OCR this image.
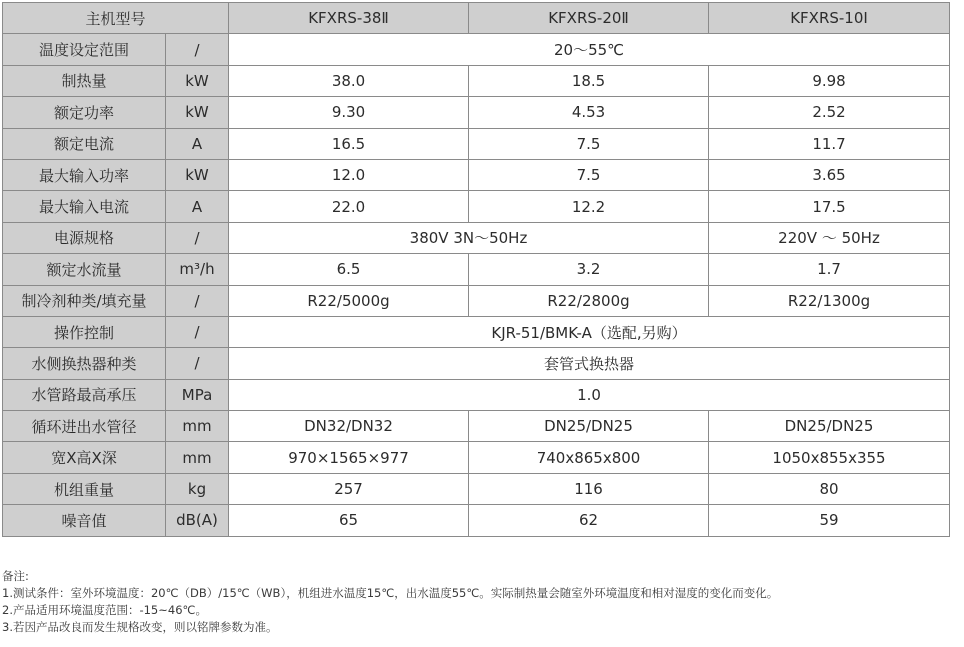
主机型号		KFXRS-38Ⅱ	KFXRS-20Ⅱ	KFXRS-10Ⅰ
温度设定范围	/	20～55℃		
制热量	kW	38.0	18.5	9.98
额定功率	kW	9.30	4.53	2.52
额定电流	A	16.5	7.5	11.7
最大输入功率	kW	12.0	7.5	3.65
最大输入电流	A	22.0	12.2	17.5
电源规格	/	380V 3N～50Hz		220V ～ 50Hz
额定水流量	m³/h	6.5	3.2	1.7
制冷剂种类/填充量	/	R22/5000g	R22/2800g	R22/1300g
操作控制	/	KJR-51/BMK-A（选配,另购）		
水侧换热器种类	/	套管式换热器		
水管路最高承压	MPa	1.0		
循环进出水管径	mm	DN32/DN32	DN25/DN25	DN25/DN25
宽X高X深	mm	970×1565×977	740x865x800	1050x855x355
机组重量	kg	257	116	80
噪音值	dB(A)	65	62	59
备注:
1.测试条件：室外环境温度：20℃（DB）/15℃（WB），机组进水温度15℃，出水温度55℃。实际制热量会随室外环境温度和相对湿度的变化而变化。
2.产品适用环境温度范围：-15~46℃。
3.若因产品改良而发生规格改变，则以铭牌参数为准。
